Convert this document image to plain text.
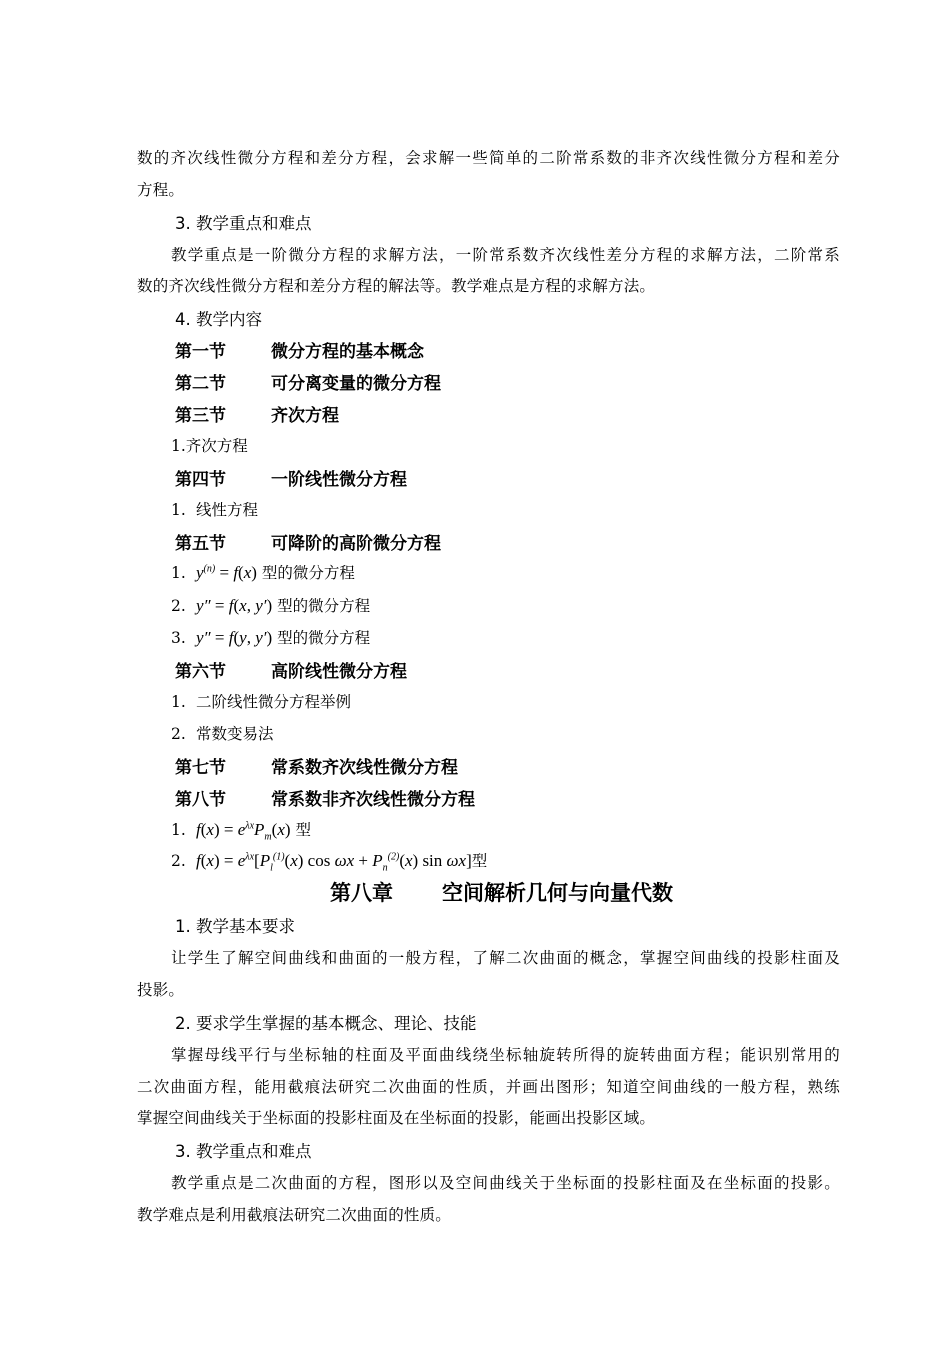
数的齐次线性微分方程和差分方程，会求解一些简单的二阶常系数的非齐次线性微分方程和差分
方程。
3. 教学重点和难点
教学重点是一阶微分方程的求解方法，一阶常系数齐次线性差分方程的求解方法，二阶常系
数的齐次线性微分方程和差分方程的解法等。教学难点是方程的求解方法。
4. 教学内容
第一节	微分方程的基本概念
第二节	可分离变量的微分方程
第三节	齐次方程
1.齐次方程
第四节	一阶线性微分方程
1. 线性方程
第五节	可降阶的高阶微分方程
1. $y^{(n)} = f(x)$ 型的微分方程
2. y″ = f(x, y′) 型的微分方程
3. y″ = f(y, y′) 型的微分方程
第六节	高阶线性微分方程
1. 二阶线性微分方程举例
2. 常数变易法
第七节	常系数齐次线性微分方程
第八节	常系数非齐次线性微分方程
1. $f(x) = e^{\lambda x}P_m(x)$ 型
2. $f(x) = e^{\lambda x}[P_l^{(1)}(x)$ $\cos \omega x + P_n^{(2)}(x)$ sin ωx]型
第八章 空间解析几何与向量代数
1. 教学基本要求
让学生了解空间曲线和曲面的一般方程，了解二次曲面的概念，掌握空间曲线的投影柱面及
投影。
2. 要求学生掌握的基本概念、理论、技能
掌握母线平行与坐标轴的柱面及平面曲线绕坐标轴旋转所得的旋转曲面方程；能识别常用的
二次曲面方程，能用截痕法研究二次曲面的性质，并画出图形；知道空间曲线的一般方程，熟练
掌握空间曲线关于坐标面的投影柱面及在坐标面的投影，能画出投影区域。
3. 教学重点和难点
教学重点是二次曲面的方程，图形以及空间曲线关于坐标面的投影柱面及在坐标面的投影。
教学难点是利用截痕法研究二次曲面的性质。
